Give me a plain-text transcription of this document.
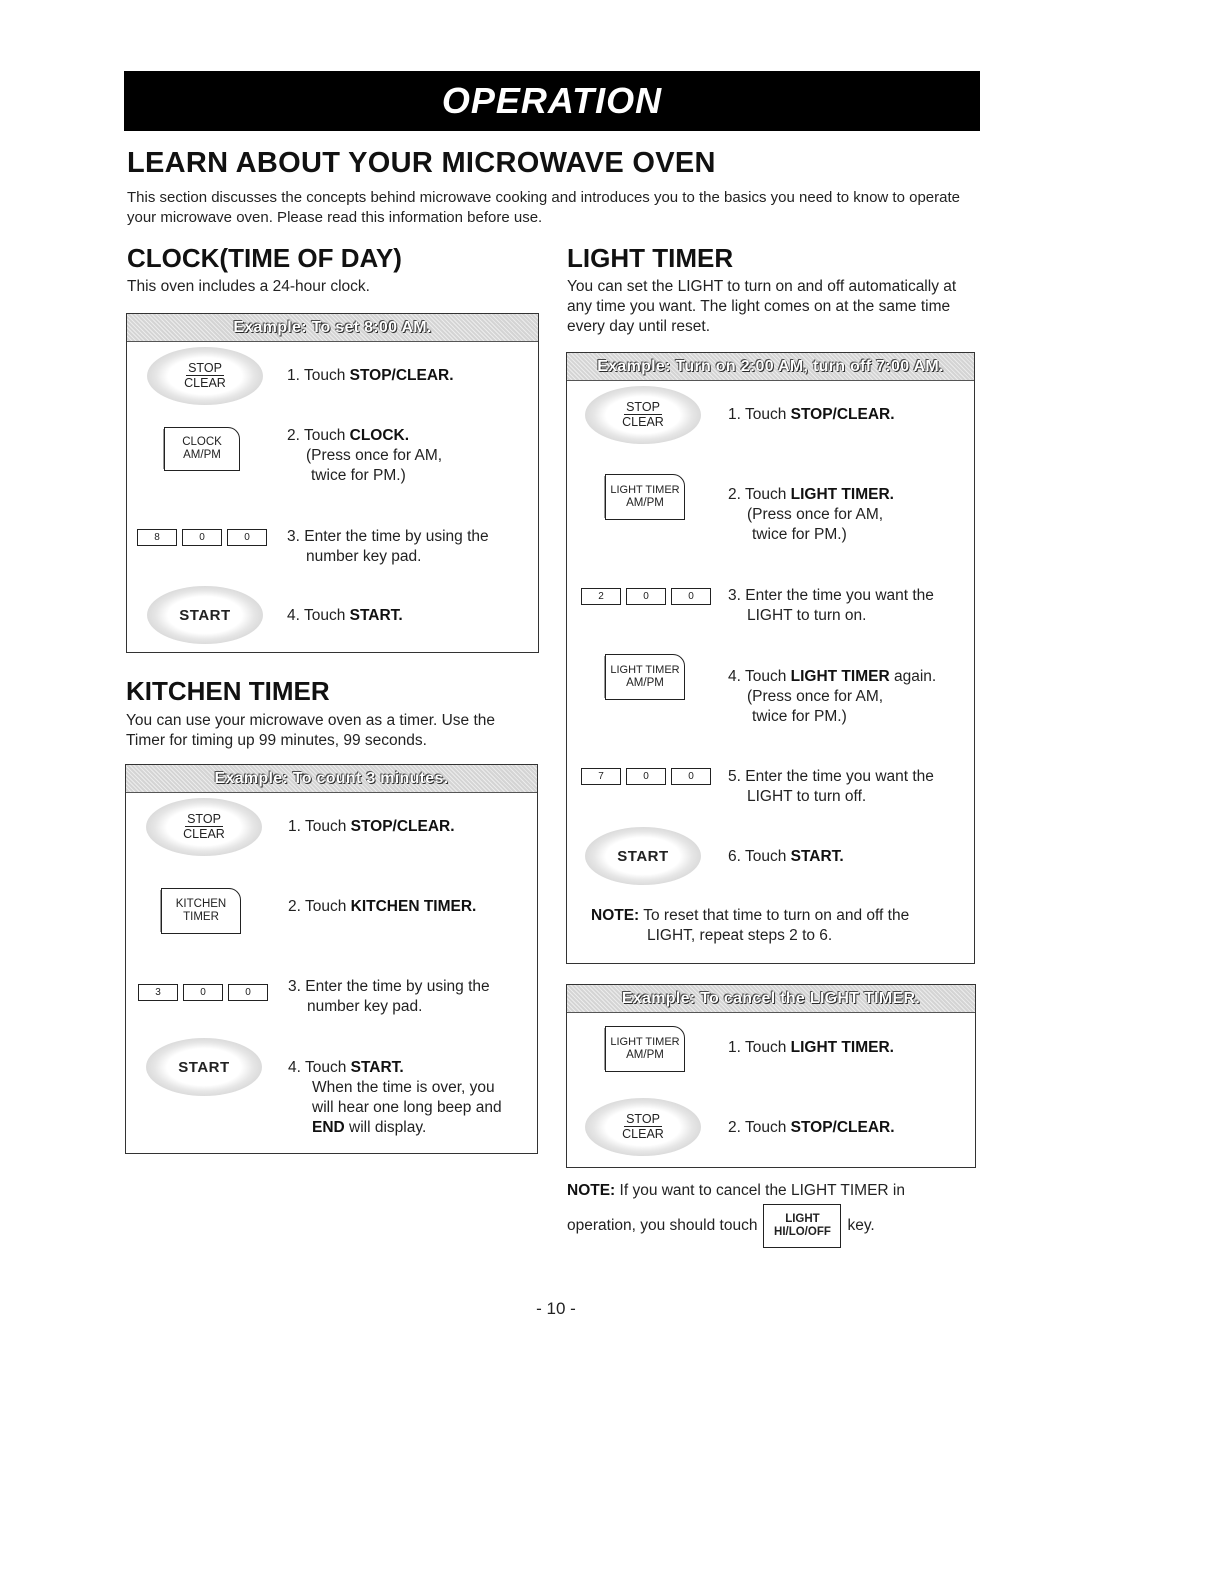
OPERATION
LEARN ABOUT YOUR MICROWAVE OVEN

This section discusses the concepts behind microwave cooking and introduces you to the basics you need to know to operate your microwave oven. Please read this information before use.

CLOCK(TIME OF DAY)

This oven includes a 24-hour clock.

Example: To set 8:00 AM.
STOP
CLEAR	1. Touch STOP/CLEAR.
CLOCK
AM/PM
2. Touch CLOCK.
(Press once for AM,
twice for PM.)
8	0	0	3. Enter the time by using the
number key pad.
START	4. Touch START.
KITCHEN TIMER

You can use your microwave oven as a timer. Use the Timer for timing up 99 minutes, 99 seconds.

Example: To count 3 minutes.
STOP
CLEAR	1. Touch STOP/CLEAR.
KITCHEN
TIMER
2. Touch KITCHEN TIMER.
3	0	0	3. Enter the time by using the
number key pad.
START	4. Touch START.
When the time is over, you
will hear one long beep and
END will display.
LIGHT TIMER

You can set the LIGHT to turn on and off automatically at any time you want. The light comes on at the same time every day until reset.

Example: Turn on 2:00 AM, turn off 7:00 AM.
STOP
CLEAR	1. Touch STOP/CLEAR.
LIGHT TIMER
AM/PM	2. Touch LIGHT TIMER.
(Press once for AM,
twice for PM.)
2	0	0	3. Enter the time you want the
LIGHT to turn on.
LIGHT TIMER
AM/PM	4. Touch LIGHT TIMER again.
(Press once for AM,
twice for PM.)
7	0	0	5. Enter the time you want the
LIGHT to turn off.
START	6. Touch START.
NOTE: To reset that time to turn on and off the
LIGHT, repeat steps 2 to 6.
Example: To cancel the LIGHT TIMER.
LIGHT TIMER
AM/PM	1. Touch LIGHT TIMER.
STOP
CLEAR	2. Touch STOP/CLEAR.
NOTE: If you want to cancel the LIGHT TIMER in
operation, you should touch LIGHT
HI/LO/OFF key.
- 10 -
